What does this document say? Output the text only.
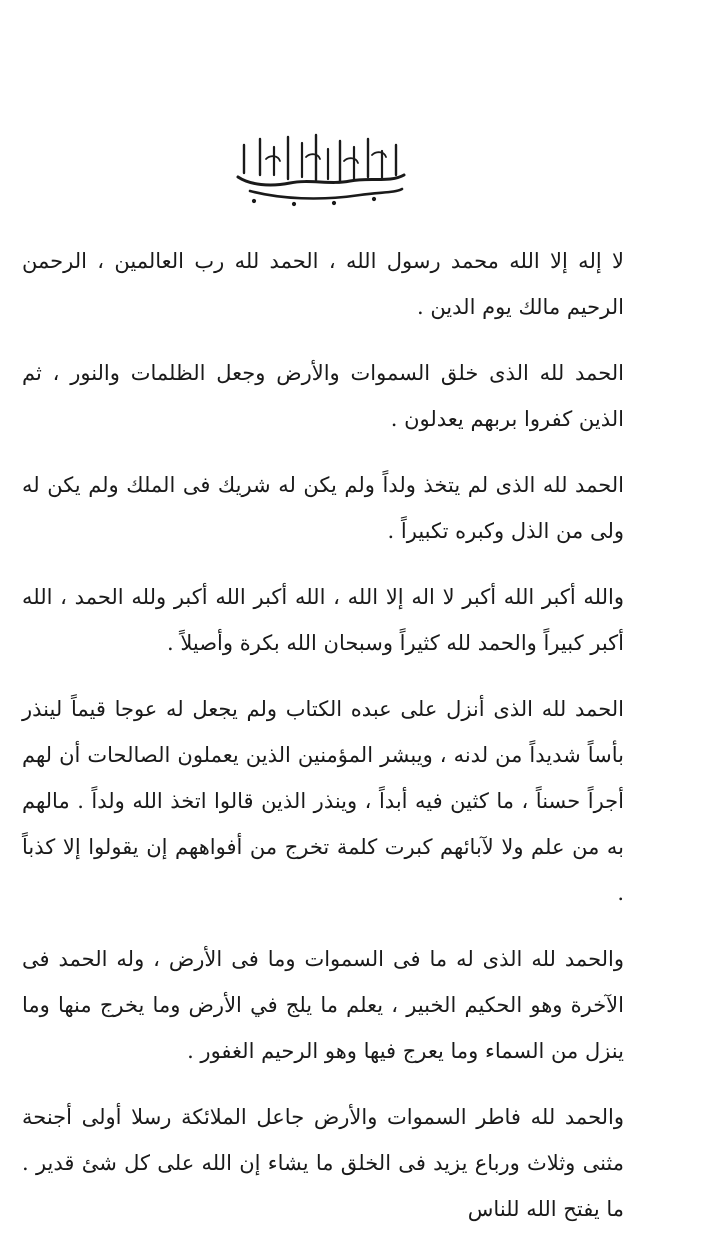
لا إله إلا الله محمد رسول الله ، الحمد لله رب العالمين ، الرحمن الرحيم مالك يوم الدين .

الحمد لله الذى خلق السموات والأرض وجعل الظلمات والنور ، ثم الذين كفروا بربهم يعدلون .

الحمد لله الذى لم يتخذ ولداً ولم يكن له شريك فى الملك ولم يكن له ولى من الذل وكبره تكبيراً .

والله أكبر الله أكبر لا اله إلا الله ، الله أكبر الله أكبر ولله الحمد ، الله أكبر كبيراً والحمد لله كثيراً وسبحان الله بكرة وأصيلاً .

الحمد لله الذى أنزل على عبده الكتاب ولم يجعل له عوجا قيماً لينذر بأساً شديداً من لدنه ، ويبشر المؤمنين الذين يعملون الصالحات أن لهم أجراً حسناً ، ما كثين فيه أبداً ، وينذر الذين قالوا اتخذ الله ولداً . مالهم به من علم ولا لآبائهم كبرت كلمة تخرج من أفواههم إن يقولوا إلا كذباً .

والحمد لله الذى له ما فى السموات وما فى الأرض ، وله الحمد فى الآخرة وهو الحكيم الخبير ، يعلم ما يلج في الأرض وما يخرج منها وما ينزل من السماء وما يعرج فيها وهو الرحيم الغفور .

والحمد لله فاطر السموات والأرض جاعل الملائكة رسلا أولى أجنحة مثنى وثلاث ورباع يزيد فى الخلق ما يشاء إن الله على كل شئ قدير . ما يفتح الله للناس
